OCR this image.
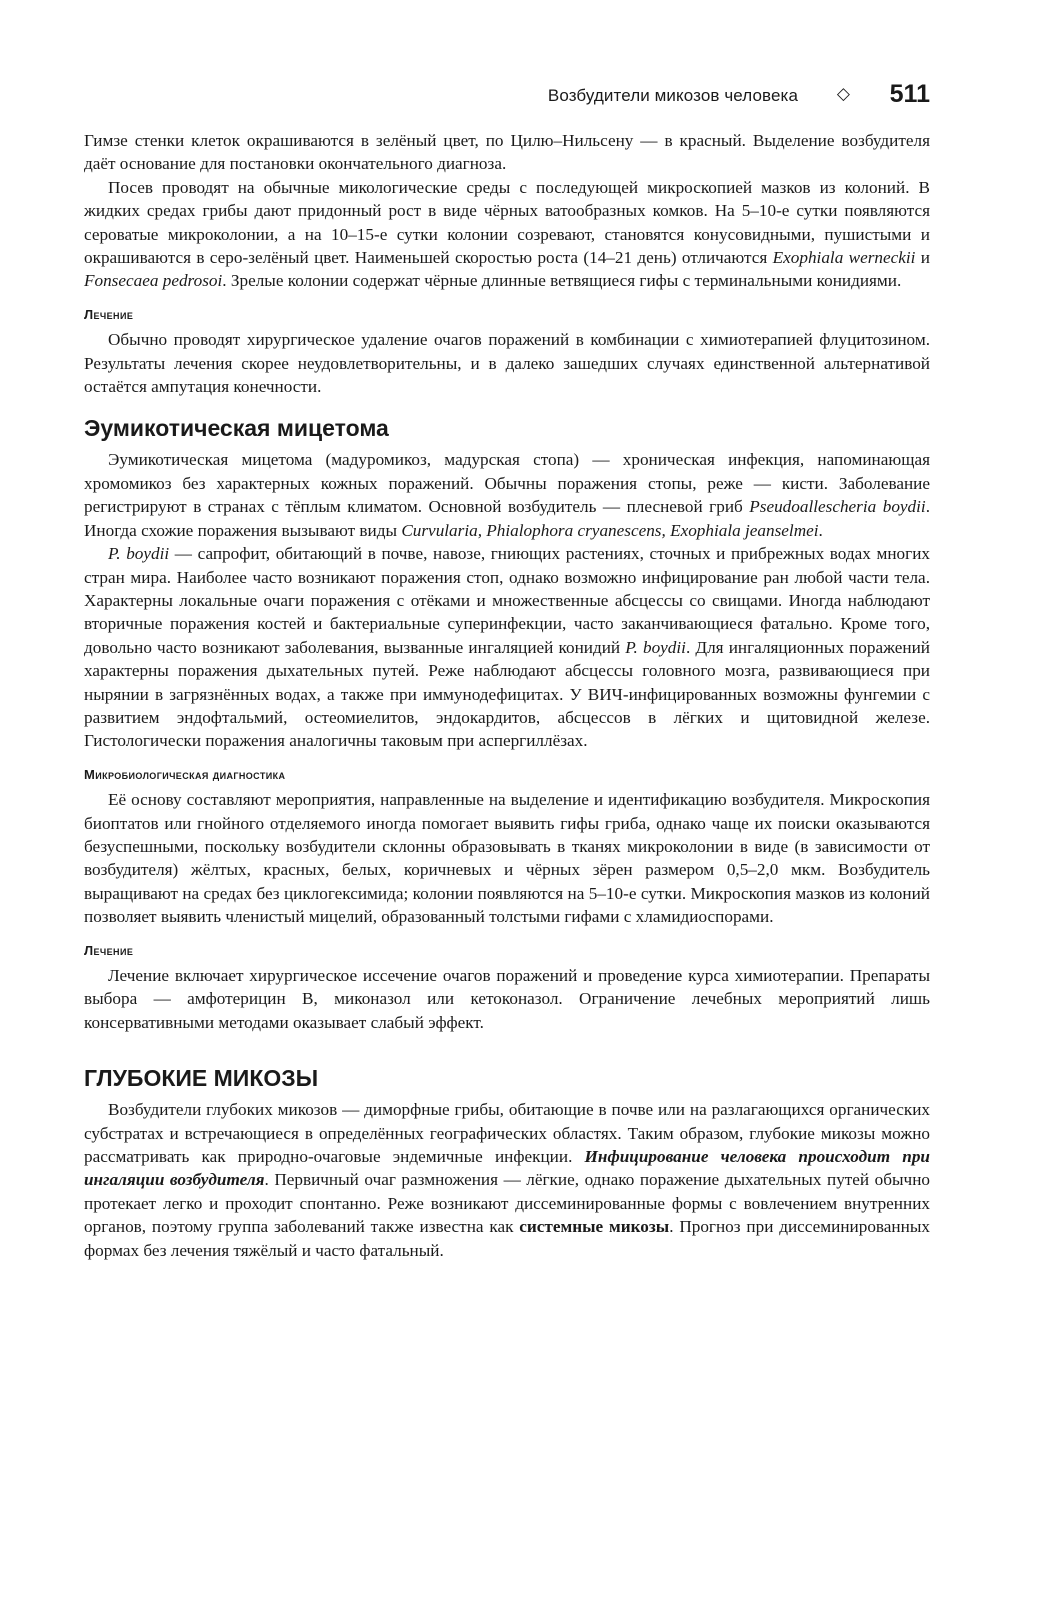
Возбудители микозов человека ◇ 511

Гимзе стенки клеток окрашиваются в зелёный цвет, по Цилю–Нильсену — в красный. Выделение возбудителя даёт основание для постановки окончательного диагноза.

Посев проводят на обычные микологические среды с последующей микроскопией мазков из колоний. В жидких средах грибы дают придонный рост в виде чёрных ватообразных комков. На 5–10-е сутки появляются сероватые микроколонии, а на 10–15-е сутки колонии созревают, становятся конусовидными, пушистыми и окрашиваются в серо-зелёный цвет. Наименьшей скоростью роста (14–21 день) отличаются Exophiala werneckii и Fonsecaea pedrosoi. Зрелые колонии содержат чёрные длинные ветвящиеся гифы с терминальными конидиями.

Лечение

Обычно проводят хирургическое удаление очагов поражений в комбинации с химиотерапией флуцитозином. Результаты лечения скорее неудовлетворительны, и в далеко зашедших случаях единственной альтернативой остаётся ампутация конечности.

Эумикотическая мицетома

Эумикотическая мицетома (мадуромикоз, мадурская стопа) — хроническая инфекция, напоминающая хромомикоз без характерных кожных поражений. Обычны поражения стопы, реже — кисти. Заболевание регистрируют в странах с тёплым климатом. Основной возбудитель — плесневой гриб Pseudoallescheria boydii. Иногда схожие поражения вызывают виды Curvularia, Phialophora cryanescens, Exophiala jeanselmei.

P. boydii — сапрофит, обитающий в почве, навозе, гниющих растениях, сточных и прибрежных водах многих стран мира. Наиболее часто возникают поражения стоп, однако возможно инфицирование ран любой части тела. Характерны локальные очаги поражения с отёками и множественные абсцессы со свищами. Иногда наблюдают вторичные поражения костей и бактериальные суперинфекции, часто заканчивающиеся фатально. Кроме того, довольно часто возникают заболевания, вызванные ингаляцией конидий P. boydii. Для ингаляционных поражений характерны поражения дыхательных путей. Реже наблюдают абсцессы головного мозга, развивающиеся при нырянии в загрязнённых водах, а также при иммунодефицитах. У ВИЧ-инфицированных возможны фунгемии с развитием эндофтальмий, остеомиелитов, эндокардитов, абсцессов в лёгких и щитовидной железе. Гистологически поражения аналогичны таковым при аспергиллёзах.

Микробиологическая диагностика

Её основу составляют мероприятия, направленные на выделение и идентификацию возбудителя. Микроскопия биоптатов или гнойного отделяемого иногда помогает выявить гифы гриба, однако чаще их поиски оказываются безуспешными, поскольку возбудители склонны образовывать в тканях микроколонии в виде (в зависимости от возбудителя) жёлтых, красных, белых, коричневых и чёрных зёрен размером 0,5–2,0 мкм. Возбудитель выращивают на средах без циклогексимида; колонии появляются на 5–10-е сутки. Микроскопия мазков из колоний позволяет выявить членистый мицелий, образованный толстыми гифами с хламидиоспорами.

Лечение

Лечение включает хирургическое иссечение очагов поражений и проведение курса химиотерапии. Препараты выбора — амфотерицин В, миконазол или кетоконазол. Ограничение лечебных мероприятий лишь консервативными методами оказывает слабый эффект.

ГЛУБОКИЕ МИКОЗЫ

Возбудители глубоких микозов — диморфные грибы, обитающие в почве или на разлагающихся органических субстратах и встречающиеся в определённых географических областях. Таким образом, глубокие микозы можно рассматривать как природно-очаговые эндемичные инфекции. Инфицирование человека происходит при ингаляции возбудителя. Первичный очаг размножения — лёгкие, однако поражение дыхательных путей обычно протекает легко и проходит спонтанно. Реже возникают диссеминированные формы с вовлечением внутренних органов, поэтому группа заболеваний также известна как системные микозы. Прогноз при диссеминированных формах без лечения тяжёлый и часто фатальный.
